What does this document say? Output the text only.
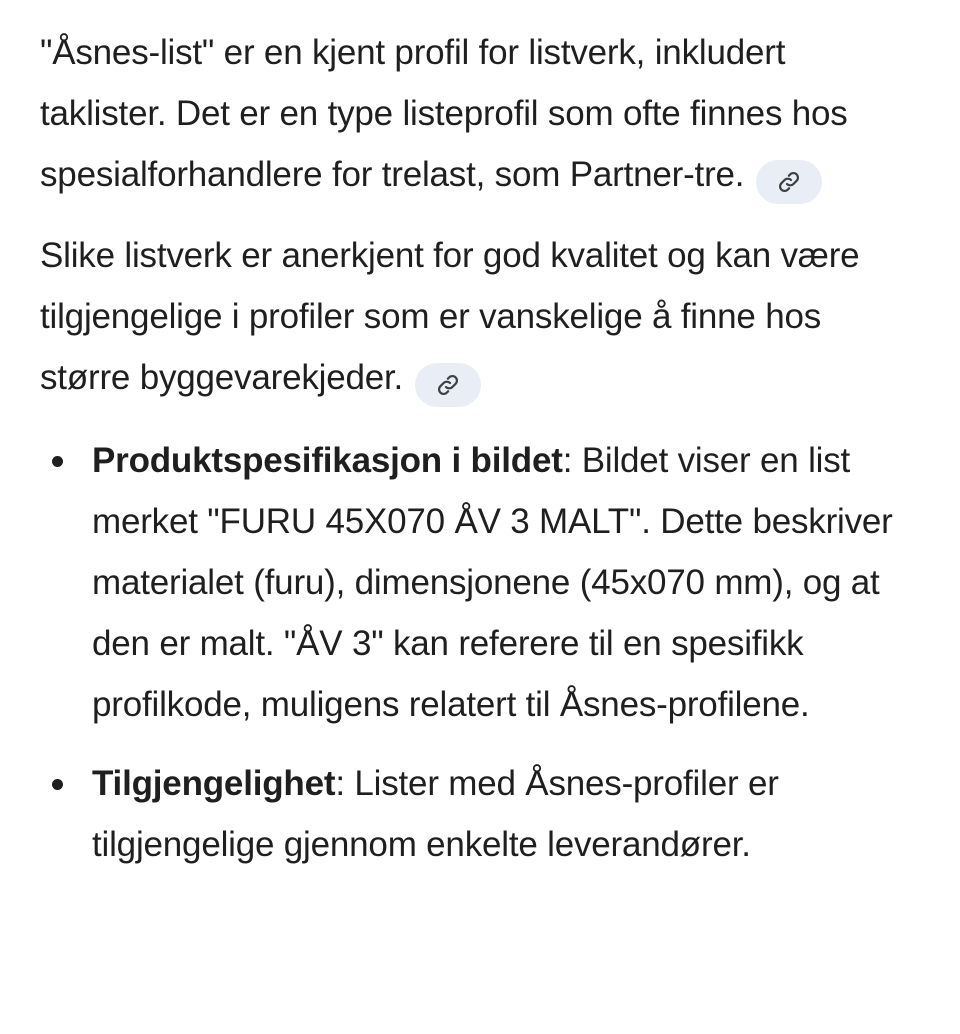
"Åsnes-list" er en kjent profil for listverk, inkludert taklister. Det er en type listeprofil som ofte finnes hos spesialforhandlere for trelast, som Partner-tre.

Slike listverk er anerkjent for god kvalitet og kan være tilgjengelige i profiler som er vanskelige å finne hos større byggevarekjeder.

Produktspesifikasjon i bildet: Bildet viser en list merket "FURU 45X070 ÅV 3 MALT". Dette beskriver materialet (furu), dimensjonene (45x070 mm), og at den er malt. "ÅV 3" kan referere til en spesifikk profilkode, muligens relatert til Åsnes-profilene.
Tilgjengelighet: Lister med Åsnes-profiler er tilgjengelige gjennom enkelte leverandører.
